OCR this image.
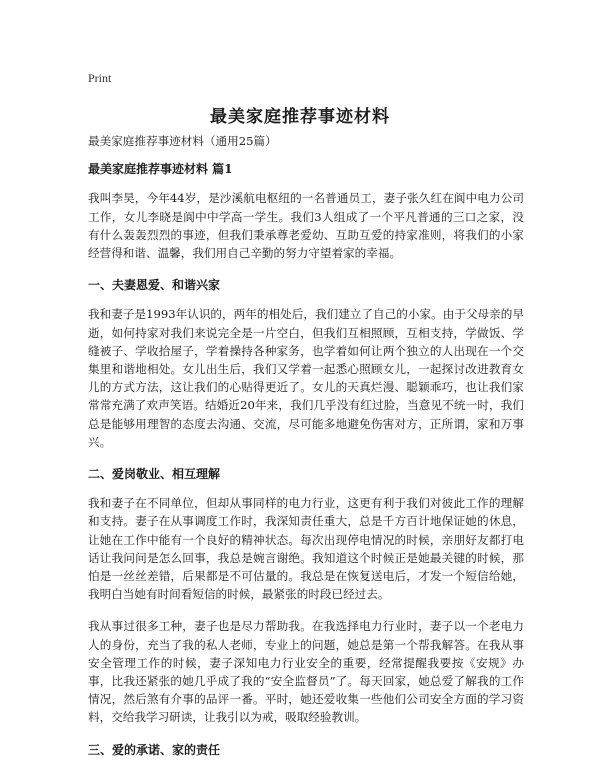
Print
最美家庭推荐事迹材料

最美家庭推荐事迹材料（通用25篇）

最美家庭推荐事迹材料 篇1

我叫李昊，今年44岁，是沙溪航电枢纽的一名普通员工，妻子张久红在阆中电力公司工作，女儿李晓是阆中中学高一学生。我们3人组成了一个平凡普通的三口之家，没有什么轰轰烈烈的事迹，但我们秉承尊老爱幼、互助互爱的持家准则，将我们的小家经营得和谐、温馨，我们用自己辛勤的努力守望着家的幸福。

一、夫妻恩爱、和谐兴家

我和妻子是1993年认识的，两年的相处后，我们建立了自己的小家。由于父母亲的早逝，如何持家对我们来说完全是一片空白，但我们互相照顾，互相支持，学做饭、学缝被子、学收拾屋子，学着操持各种家务，也学着如何让两个独立的人出现在一个交集里和谐地相处。女儿出生后，我们又学着一起悉心照顾女儿，一起探讨改进教育女儿的方式方法，这让我们的心贴得更近了。女儿的天真烂漫、聪颖乖巧，也让我们家常常充满了欢声笑语。结婚近20年来，我们几乎没有红过脸，当意见不统一时，我们总是能够用理智的态度去沟通、交流，尽可能多地避免伤害对方，正所谓，家和万事兴。

二、爱岗敬业、相互理解

我和妻子在不同单位，但却从事同样的电力行业，这更有利于我们对彼此工作的理解和支持。妻子在从事调度工作时，我深知责任重大，总是千方百计地保证她的休息，让她在工作中能有一个良好的精神状态。每次出现停电情况的时候，亲朋好友都打电话让我问问是怎么回事，我总是婉言谢绝。我知道这个时候正是她最关键的时候，那怕是一丝丝差错，后果都是不可估量的。我总是在恢复送电后，才发一个短信给她，我明白当她有时间看短信的时候，最紧张的时段已经过去。

我从事过很多工种，妻子也是尽力帮助我。在我选择电力行业时，妻子以一个老电力人的身份，充当了我的私人老师，专业上的问题，她总是第一个帮我解答。在我从事安全管理工作的时候，妻子深知电力行业安全的重要，经常提醒我要按《安规》办事，比我还紧张的她几乎成了我的“安全监督员”了。每天回家，她总爱了解我的工作情况，然后煞有介事的品评一番。平时，她还爱收集一些他们公司安全方面的学习资料，交给我学习研读，让我引以为戒，吸取经验教训。

三、爱的承诺、家的责任
